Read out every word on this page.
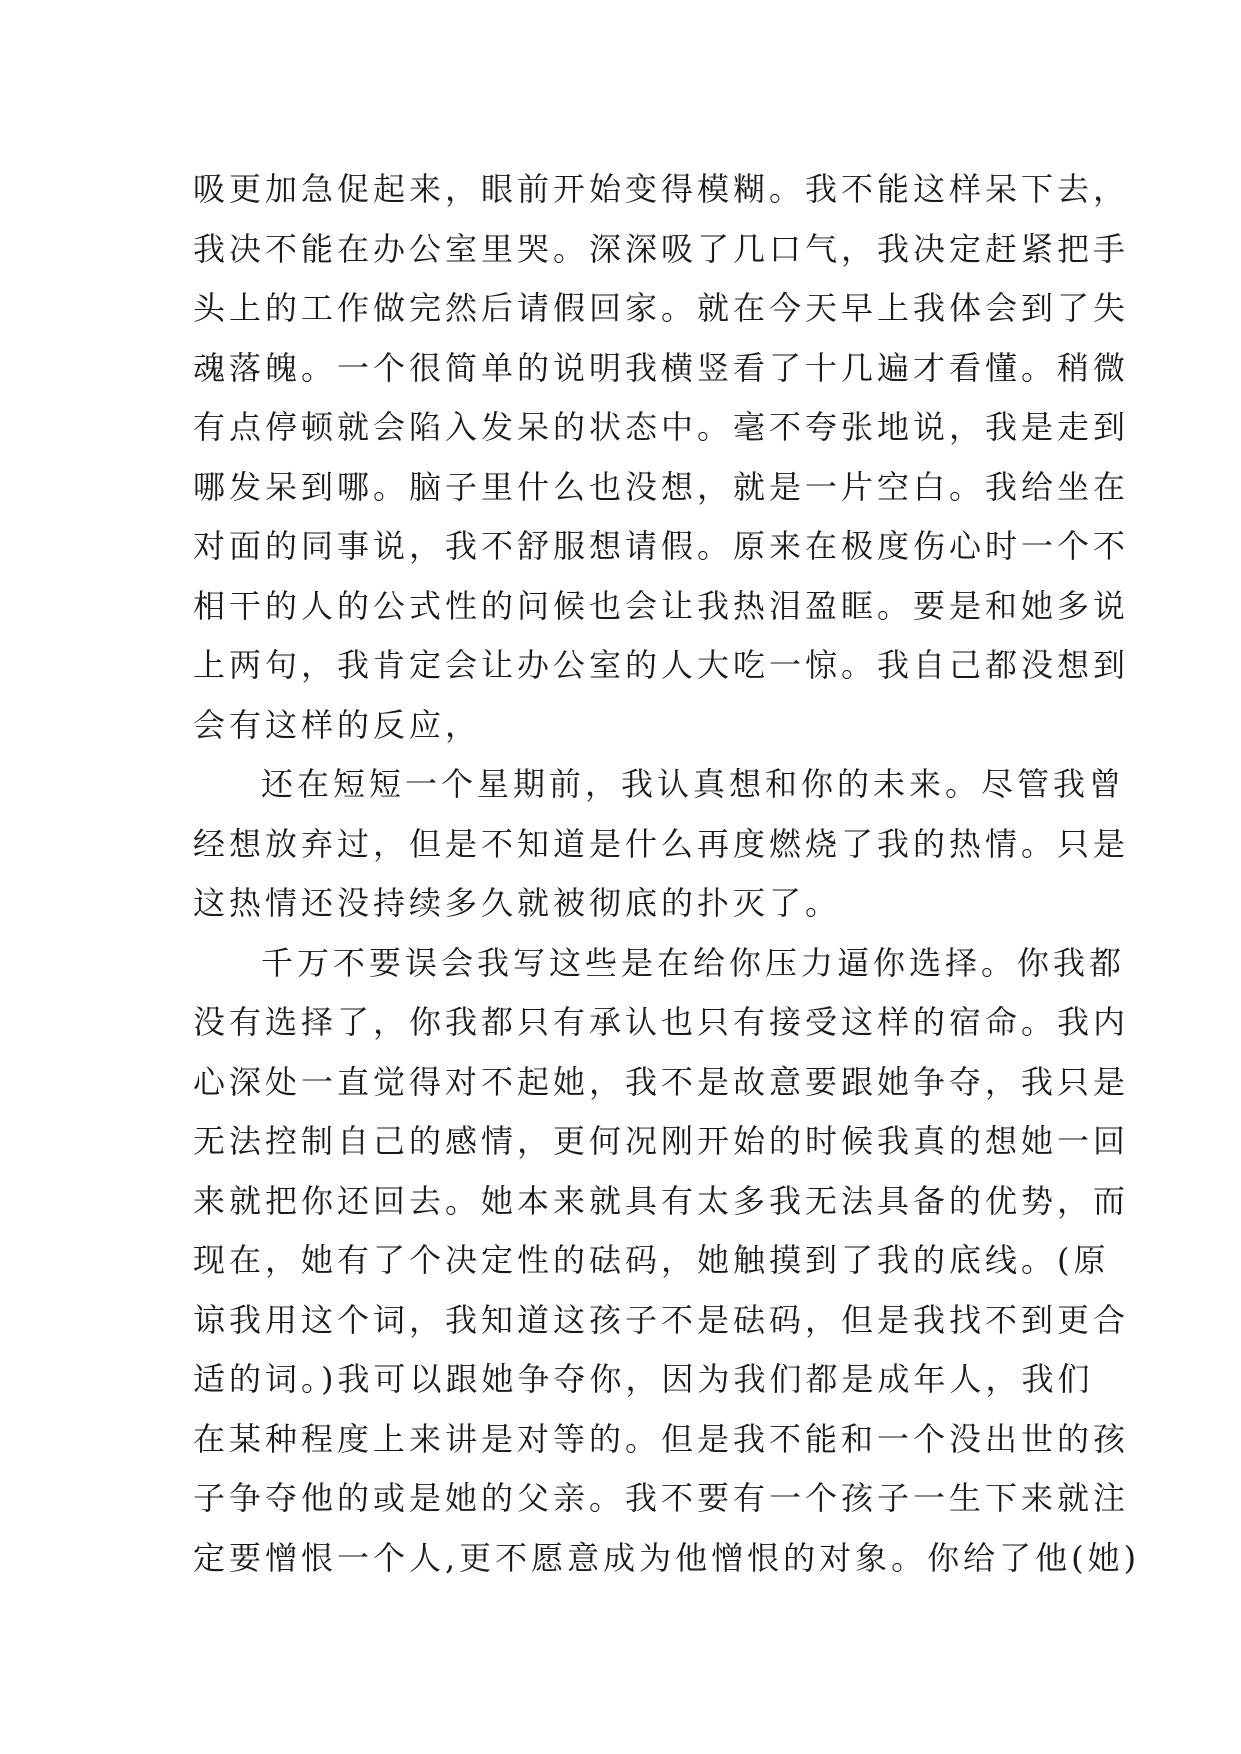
吸更加急促起来，眼前开始变得模糊。我不能这样呆下去，
我决不能在办公室里哭。深深吸了几口气，我决定赶紧把手
头上的工作做完然后请假回家。就在今天早上我体会到了失
魂落魄。一个很简单的说明我横竖看了十几遍才看懂。稍微
有点停顿就会陷入发呆的状态中。毫不夸张地说，我是走到
哪发呆到哪。脑子里什么也没想，就是一片空白。我给坐在
对面的同事说，我不舒服想请假。原来在极度伤心时一个不
相干的人的公式性的问候也会让我热泪盈眶。要是和她多说
上两句，我肯定会让办公室的人大吃一惊。我自己都没想到
会有这样的反应，
还在短短一个星期前，我认真想和你的未来。尽管我曾
经想放弃过，但是不知道是什么再度燃烧了我的热情。只是
这热情还没持续多久就被彻底的扑灭了。
千万不要误会我写这些是在给你压力逼你选择。你我都
没有选择了，你我都只有承认也只有接受这样的宿命。我内
心深处一直觉得对不起她，我不是故意要跟她争夺，我只是
无法控制自己的感情，更何况刚开始的时候我真的想她一回
来就把你还回去。她本来就具有太多我无法具备的优势，而
现在，她有了个决定性的砝码，她触摸到了我的底线。(原
谅我用这个词，我知道这孩子不是砝码，但是我找不到更合
适的词。)我可以跟她争夺你，因为我们都是成年人，我们
在某种程度上来讲是对等的。但是我不能和一个没出世的孩
子争夺他的或是她的父亲。我不要有一个孩子一生下来就注
定要憎恨一个人,更不愿意成为他憎恨的对象。你给了他(她)
